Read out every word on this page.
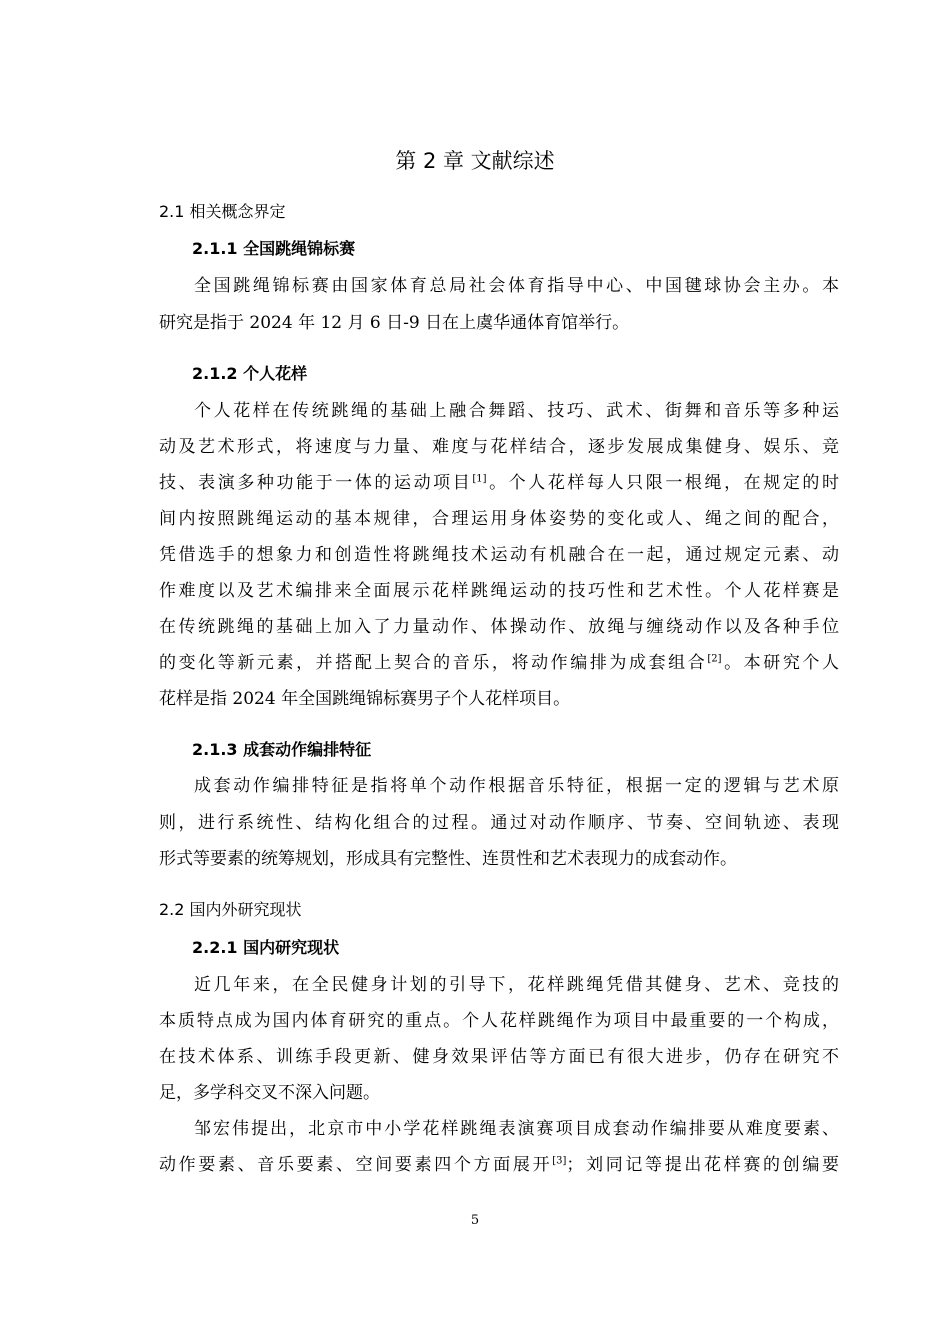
第 2 章 文献综述
2.1 相关概念界定
2.1.1 全国跳绳锦标赛
全国跳绳锦标赛由国家体育总局社会体育指导中心、中国毽球协会主办。本
研究是指于 2024 年 12 月 6 日-9 日在上虞华通体育馆举行。
2.1.2 个人花样
个人花样在传统跳绳的基础上融合舞蹈、技巧、武术、街舞和音乐等多种运
动及艺术形式，将速度与力量、难度与花样结合，逐步发展成集健身、娱乐、竞
技、表演多种功能于一体的运动项目[1]。个人花样每人只限一根绳，在规定的时
间内按照跳绳运动的基本规律，合理运用身体姿势的变化或人、绳之间的配合，
凭借选手的想象力和创造性将跳绳技术运动有机融合在一起，通过规定元素、动
作难度以及艺术编排来全面展示花样跳绳运动的技巧性和艺术性。个人花样赛是
在传统跳绳的基础上加入了力量动作、体操动作、放绳与缠绕动作以及各种手位
的变化等新元素，并搭配上契合的音乐，将动作编排为成套组合[2]。本研究个人
花样是指 2024 年全国跳绳锦标赛男子个人花样项目。
2.1.3 成套动作编排特征
成套动作编排特征是指将单个动作根据音乐特征，根据一定的逻辑与艺术原
则，进行系统性、结构化组合的过程。通过对动作顺序、节奏、空间轨迹、表现
形式等要素的统筹规划，形成具有完整性、连贯性和艺术表现力的成套动作。
2.2 国内外研究现状
2.2.1 国内研究现状
近几年来，在全民健身计划的引导下，花样跳绳凭借其健身、艺术、竞技的
本质特点成为国内体育研究的重点。个人花样跳绳作为项目中最重要的一个构成，
在技术体系、训练手段更新、健身效果评估等方面已有很大进步，仍存在研究不
足，多学科交叉不深入问题。
邹宏伟提出，北京市中小学花样跳绳表演赛项目成套动作编排要从难度要素、
动作要素、音乐要素、空间要素四个方面展开[3]；刘同记等提出花样赛的创编要
5
